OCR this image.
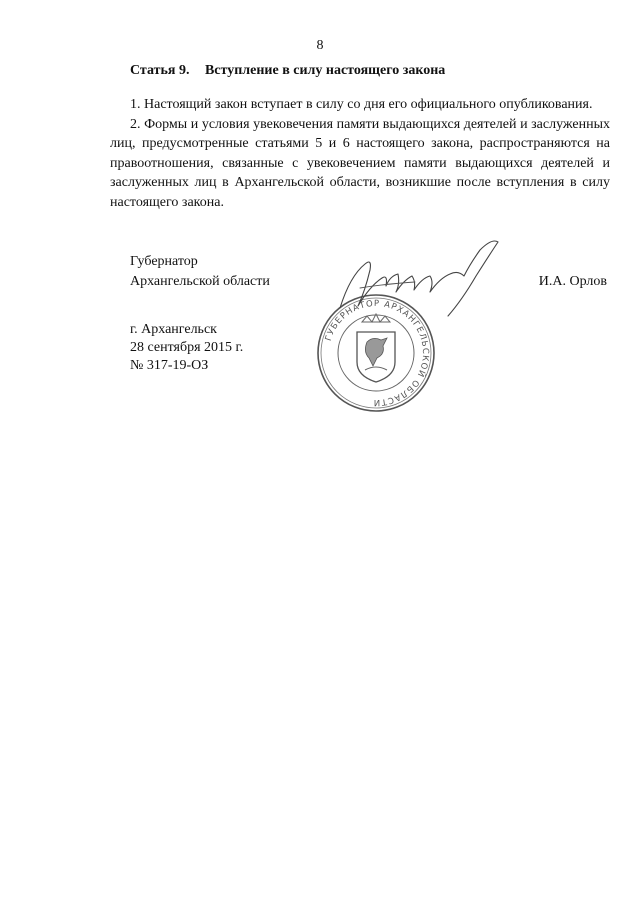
8
Статья 9. Вступление в силу настоящего закона

1. Настоящий закон вступает в силу со дня его официального опубликования.

2. Формы и условия увековечения памяти выдающихся деятелей и заслуженных лиц, предусмотренные статьями 5 и 6 настоящего закона, распространяются на правоотношения, связанные с увековечением памяти выдающихся деятелей и заслуженных лиц в Архангельской области, возникшие после вступления в силу настоящего закона.

Губернатор
Архангельской области	И.А. Орлов
ГУБЕРНАТОР АРХАНГЕЛЬСКОЙ ОБЛАСТИ
г. Архангельск
28 сентября 2015 г.
№ 317-19-ОЗ
